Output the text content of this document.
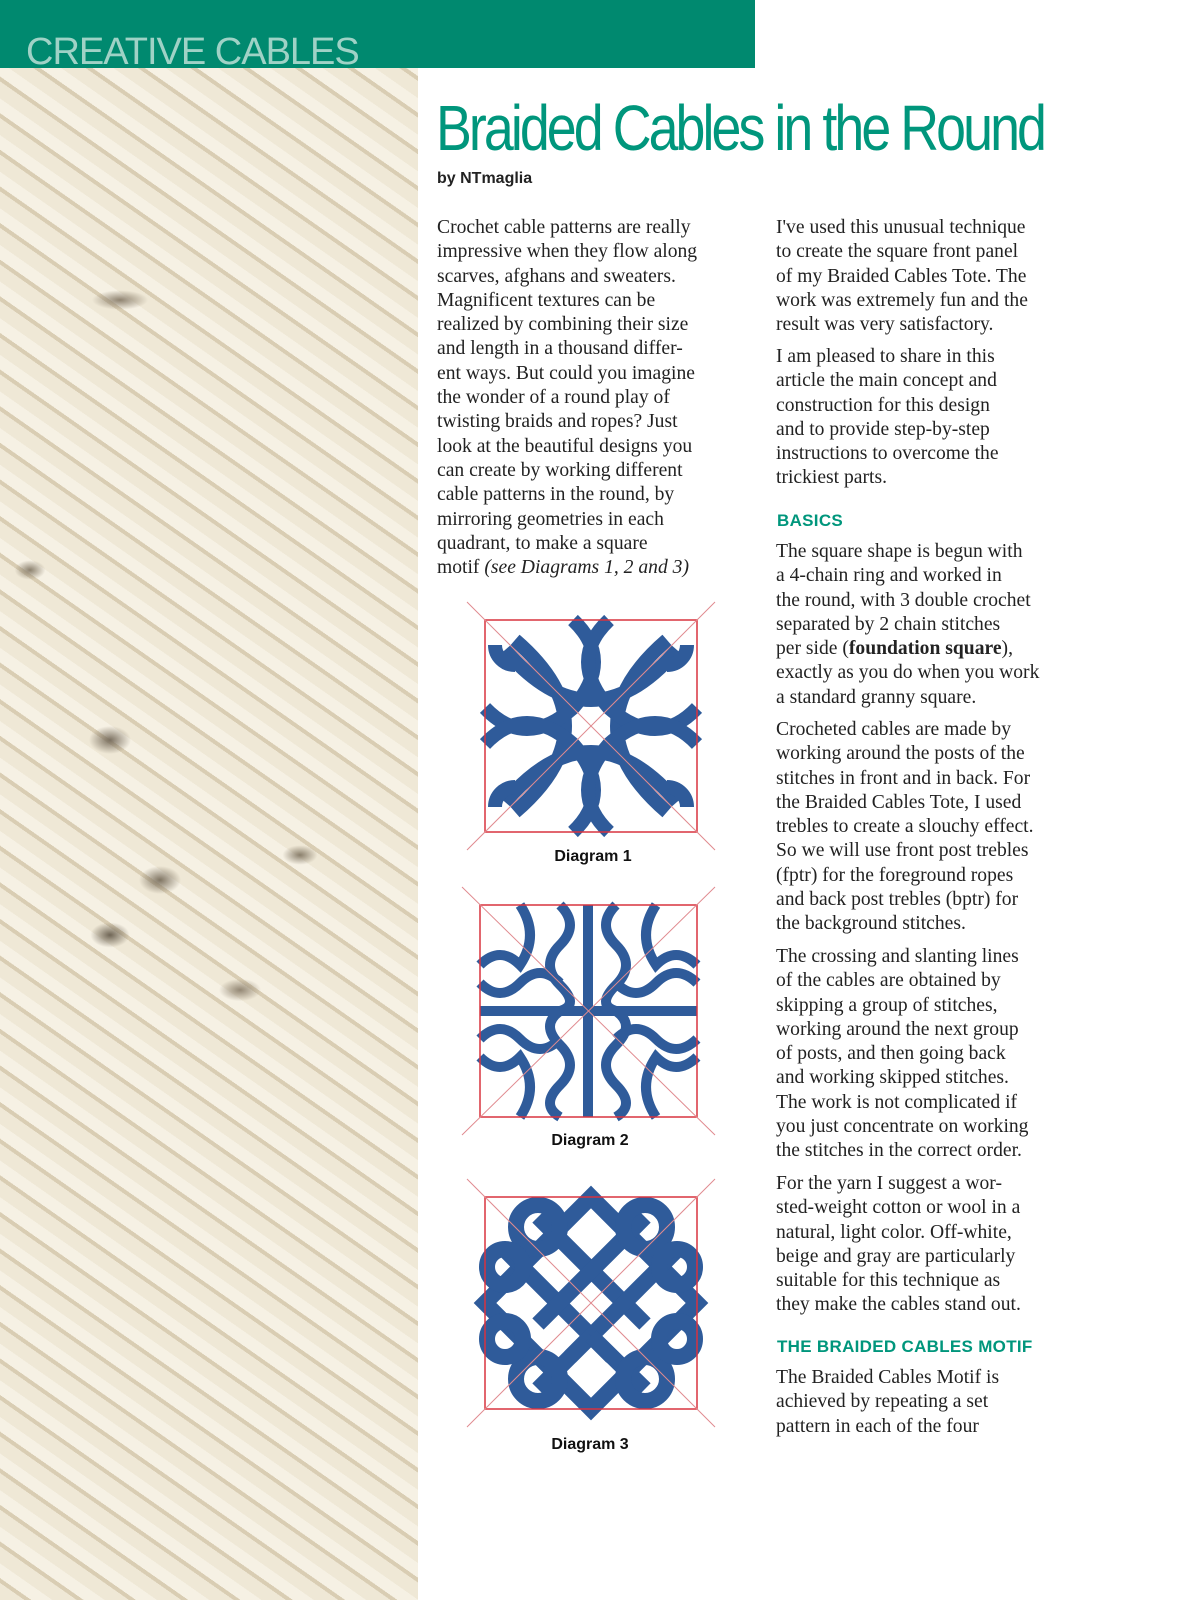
CREATIVE CABLES
Braided Cables in the Round
by NTmaglia
Crochet cable patterns are really
impressive when they flow along
scarves, afghans and sweaters.
Magnificent textures can be
realized by combining their size
and length in a thousand differ-
ent ways. But could you imagine
the wonder of a round play of
twisting braids and ropes? Just
look at the beautiful designs you
can create by working different
cable patterns in the round, by
mirroring geometries in each
quadrant, to make a square
motif (see Diagrams 1, 2 and 3)
Diagram 1
Diagram 2
Diagram 3
I've used this unusual technique
to create the square front panel
of my Braided Cables Tote. The
work was extremely fun and the
result was very satisfactory.
I am pleased to share in this
article the main concept and
construction for this design
and to provide step-by-step
instructions to overcome the
trickiest parts.
BASICS
The square shape is begun with
a 4-chain ring and worked in
the round, with 3 double crochet
separated by 2 chain stitches
per side (foundation square),
exactly as you do when you work
a standard granny square.
Crocheted cables are made by
working around the posts of the
stitches in front and in back. For
the Braided Cables Tote, I used
trebles to create a slouchy effect.
So we will use front post trebles
(fptr) for the foreground ropes
and back post trebles (bptr) for
the background stitches.
The crossing and slanting lines
of the cables are obtained by
skipping a group of stitches,
working around the next group
of posts, and then going back
and working skipped stitches.
The work is not complicated if
you just concentrate on working
the stitches in the correct order.
For the yarn I suggest a wor-
sted-weight cotton or wool in a
natural, light color. Off-white,
beige and gray are particularly
suitable for this technique as
they make the cables stand out.
THE BRAIDED CABLES MOTIF
The Braided Cables Motif is
achieved by repeating a set
pattern in each of the four
